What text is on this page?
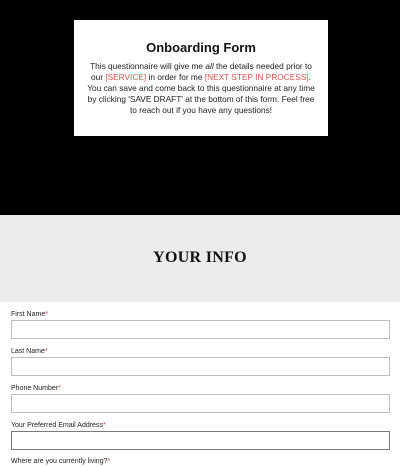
Onboarding Form

This questionnaire will give me all the details needed prior to our [SERVICE] in order for me [NEXT STEP IN PROCESS]. You can save and come back to this questionnaire at any time by clicking 'SAVE DRAFT' at the bottom of this form. Feel free to reach out if you have any questions!

YOUR INFO
First Name*
Last Name*
Phone Number*
Your Preferred Email Address*
Where are you currently living?*
